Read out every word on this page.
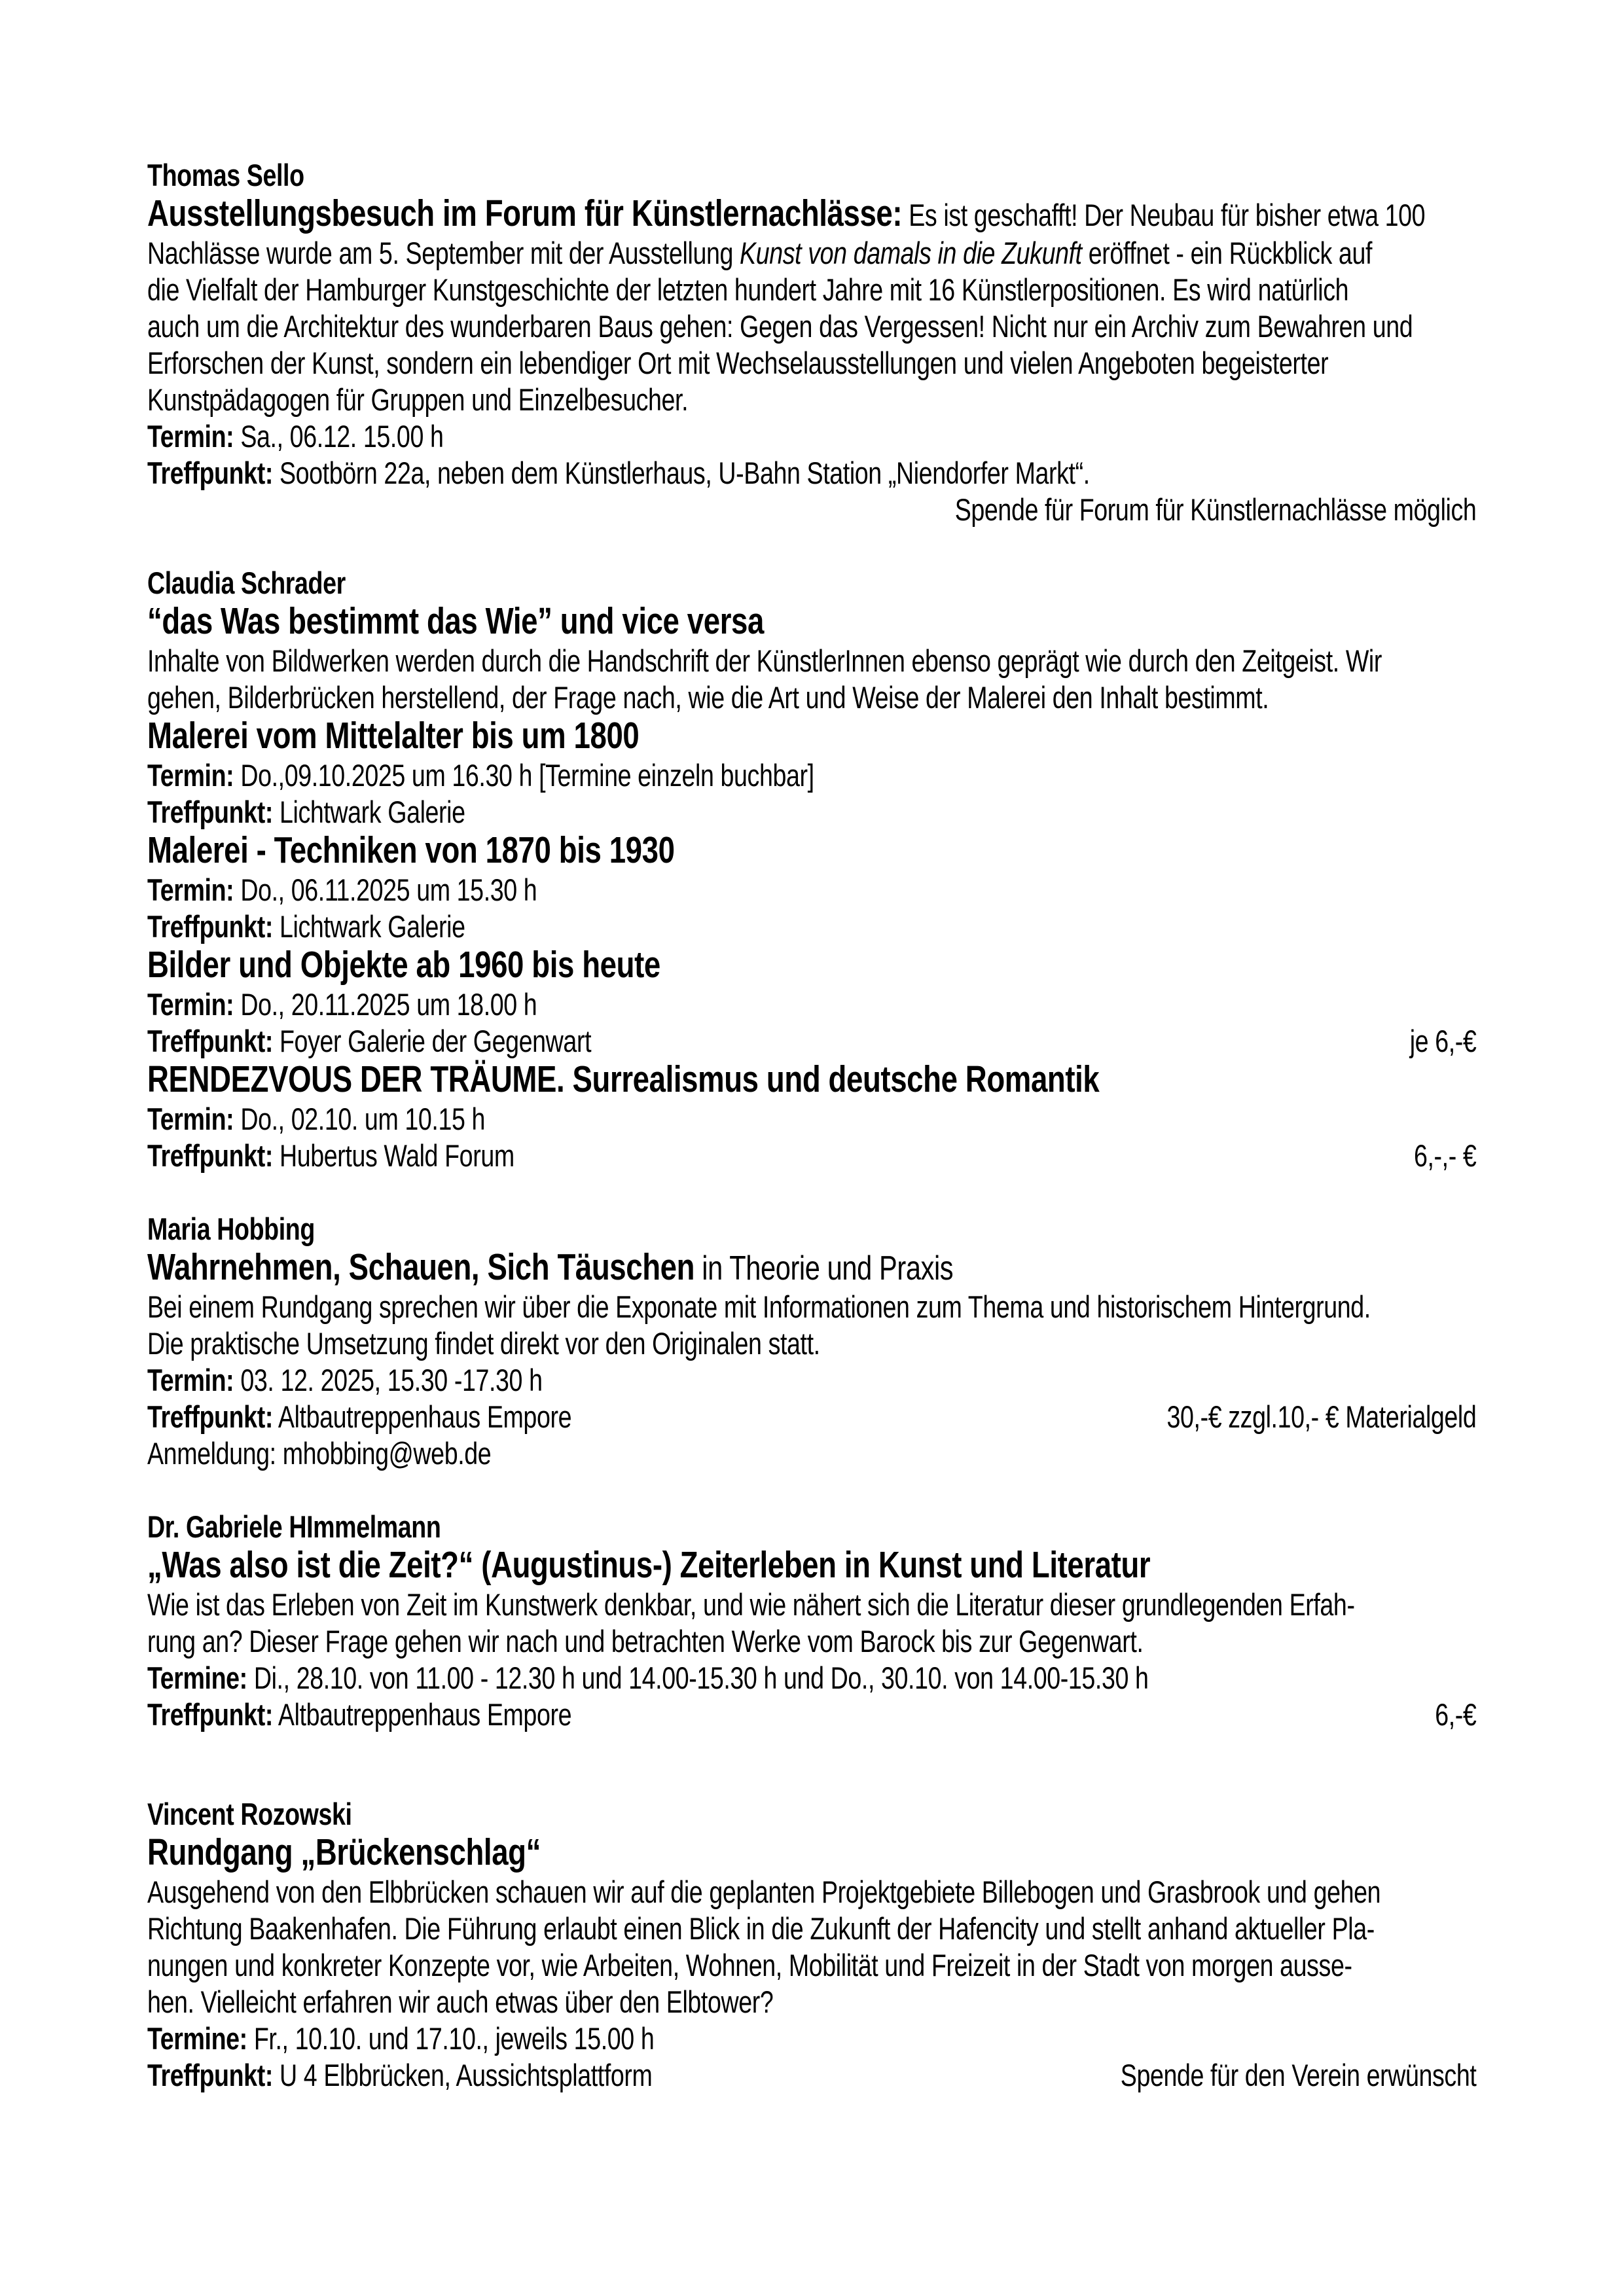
Thomas Sello
Ausstellungsbesuch im Forum für Künstlernachlässe: Es ist geschafft! Der Neubau für bisher etwa 100
Nachlässe wurde am 5. September mit der Ausstellung Kunst von damals in die Zukunft eröffnet - ein Rückblick auf
die Vielfalt der Hamburger Kunstgeschichte der letzten hundert Jahre mit 16 Künstlerpositionen. Es wird natürlich
auch um die Architektur des wunderbaren Baus gehen: Gegen das Vergessen! Nicht nur ein Archiv zum Bewahren und
Erforschen der Kunst, sondern ein lebendiger Ort mit Wechselausstellungen und vielen Angeboten begeisterter
Kunstpädagogen für Gruppen und Einzelbesucher.
Termin: Sa., 06.12. 15.00 h
Treffpunkt: Sootbörn 22a, neben dem Künstlerhaus, U-Bahn Station „Niendorfer Markt“.
Spende für Forum für Künstlernachlässe möglich
Claudia Schrader
“das Was bestimmt das Wie” und vice versa
Inhalte von Bildwerken werden durch die Handschrift der KünstlerInnen ebenso geprägt wie durch den Zeitgeist. Wir
gehen, Bilderbrücken herstellend, der Frage nach, wie die Art und Weise der Malerei den Inhalt bestimmt.
Malerei vom Mittelalter bis um 1800
Termin: Do.,09.10.2025 um 16.30 h [Termine einzeln buchbar]
Treffpunkt: Lichtwark Galerie
Malerei - Techniken von 1870 bis 1930
Termin: Do., 06.11.2025 um 15.30 h
Treffpunkt: Lichtwark Galerie
Bilder und Objekte ab 1960 bis heute
Termin: Do., 20.11.2025 um 18.00 h
Treffpunkt: Foyer Galerie der Gegenwart	je 6,-€
RENDEZVOUS DER TRÄUME. Surrealismus und deutsche Romantik
Termin: Do., 02.10. um 10.15 h
Treffpunkt: Hubertus Wald Forum	6,-,- €
Maria Hobbing
Wahrnehmen, Schauen, Sich Täuschen in Theorie und Praxis
Bei einem Rundgang sprechen wir über die Exponate mit Informationen zum Thema und historischem Hintergrund.
Die praktische Umsetzung findet direkt vor den Originalen statt.
Termin: 03. 12. 2025, 15.30 -17.30 h
Treffpunkt: Altbautreppenhaus Empore	30,-€ zzgl.10,- € Materialgeld
Anmeldung: mhobbing@web.de
Dr. Gabriele HImmelmann
„Was also ist die Zeit?“ (Augustinus-) Zeiterleben in Kunst und Literatur
Wie ist das Erleben von Zeit im Kunstwerk denkbar, und wie nähert sich die Literatur dieser grundlegenden Erfah-
rung an? Dieser Frage gehen wir nach und betrachten Werke vom Barock bis zur Gegenwart.
Termine: Di., 28.10. von 11.00 - 12.30 h und 14.00-15.30 h und Do., 30.10. von 14.00-15.30 h
Treffpunkt: Altbautreppenhaus Empore	6,-€
Vincent Rozowski
Rundgang „Brückenschlag“
Ausgehend von den Elbbrücken schauen wir auf die geplanten Projektgebiete Billebogen und Grasbrook und gehen
Richtung Baakenhafen. Die Führung erlaubt einen Blick in die Zukunft der Hafencity und stellt anhand aktueller Pla-
nungen und konkreter Konzepte vor, wie Arbeiten, Wohnen, Mobilität und Freizeit in der Stadt von morgen ausse-
hen. Vielleicht erfahren wir auch etwas über den Elbtower?
Termine: Fr., 10.10. und 17.10., jeweils 15.00 h
Treffpunkt: U 4 Elbbrücken, Aussichtsplattform	Spende für den Verein erwünscht
